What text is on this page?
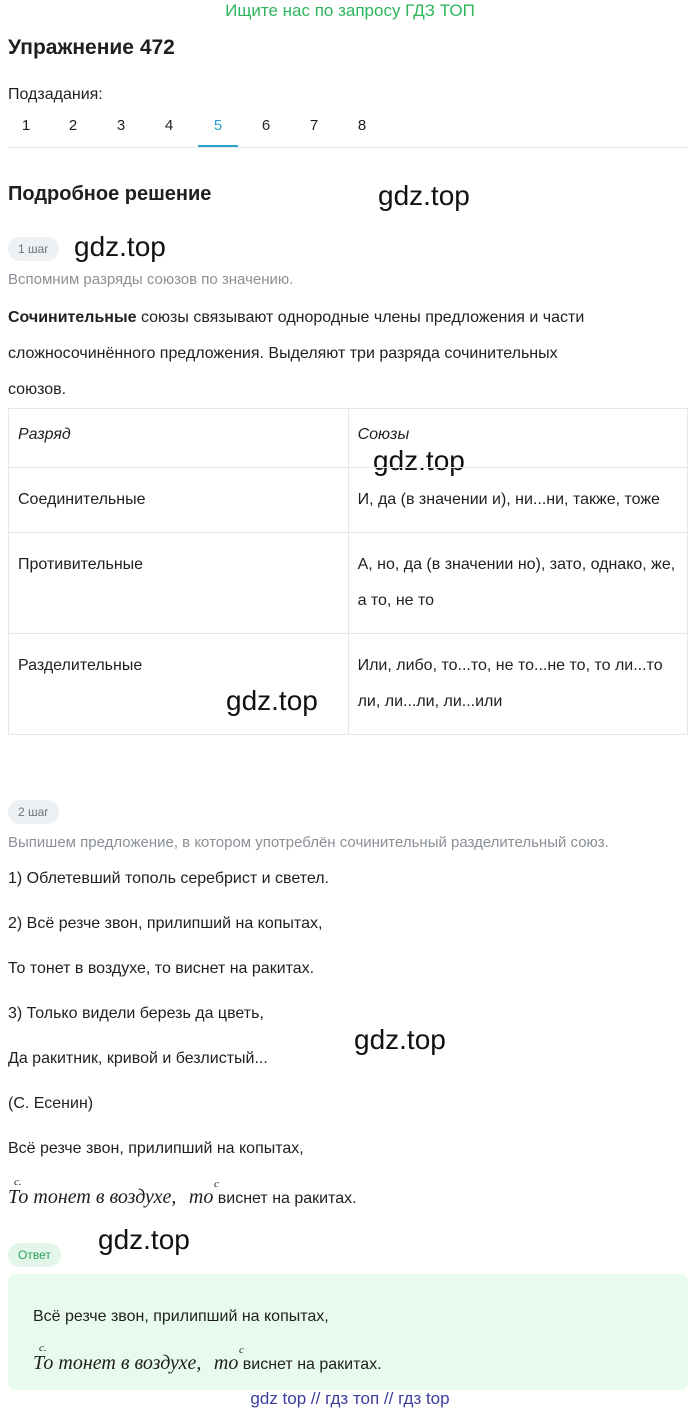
Ищите нас по запросу ГДЗ ТОП
Упражнение 472
Подзадания:
1	2	3	4	5	6	7	8
Подробное решение	gdz.top
gdz.top
gdz.top
gdz.top
gdz.top
gdz.top
1 шаг
Вспомним разряды союзов по значению.
Сочинительные союзы связывают однородные члены предложения и части
сложносочинённого предложения. Выделяют три разряда сочинительных
союзов.
Разряд	Союзы
Соединительные	И, да (в значении и), ни...ни, также, тоже
Противительные	А, но, да (в значении но), зато, однако, же, а то, не то
Разделительные	Или, либо, то...то, не то...не то, то ли...то ли, ли...ли, ли...или
2 шаг
Выпишем предложение, в котором употреблён сочинительный разделительный союз.
1) Облетевший тополь серебрист и светел.
2) Всё резче звон, прилипший на копытах,
То тонет в воздухе, то виснет на ракитах.
3) Только видели березь да цветь,
Да ракитник, кривой и безлистый...
(С. Есенин)
Всё резче звон, прилипший на копытах,
с.	с
То тонет в воздухе, то виснет на ракитах.
Ответ
Всё резче звон, прилипший на копытах,
с.	с
То тонет в воздухе, то виснет на ракитах.
gdz top // гдз топ // гдз top
